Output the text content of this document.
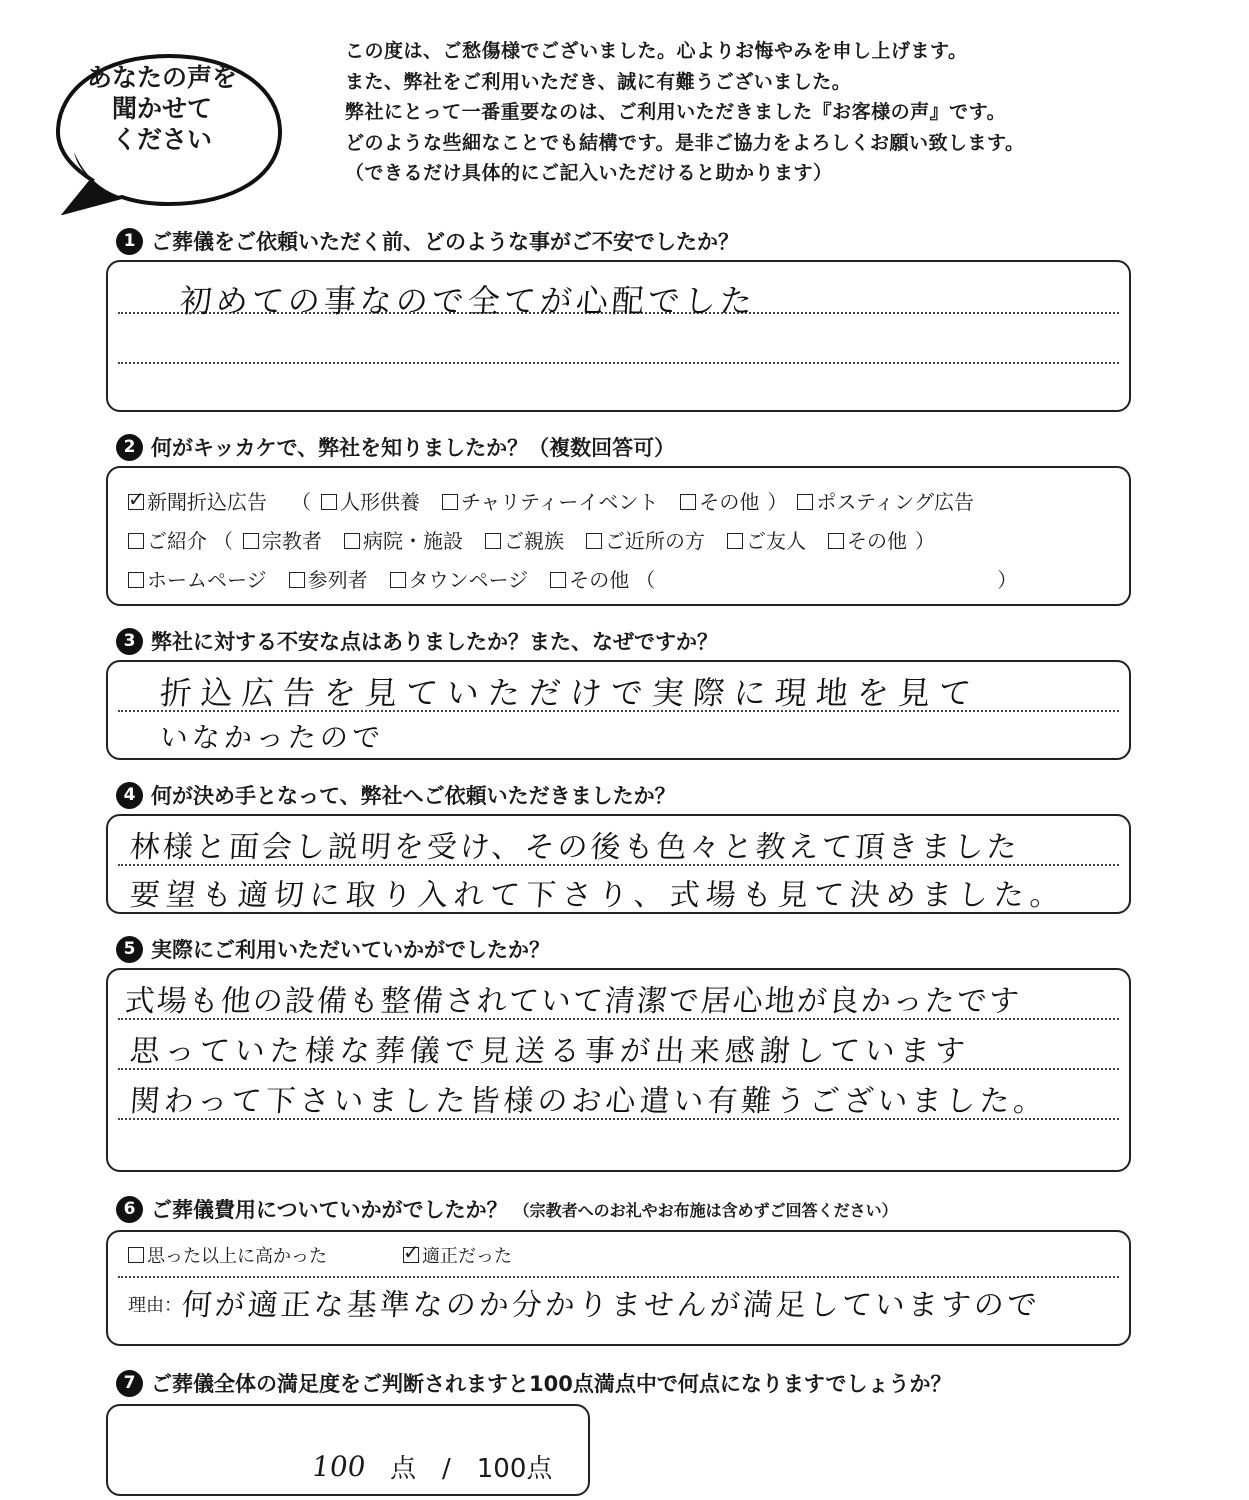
あなたの声を
聞かせて
ください

この度は、ご愁傷様でございました。心よりお悔やみを申し上げます。

また、弊社をご利用いただき、誠に有難うございました。

弊社にとって一番重要なのは、ご利用いただきました『お客様の声』です。

どのような些細なことでも結構です。是非ご協力をよろしくお願い致します。

（できるだけ具体的にご記入いただけると助かります）

1 ご葬儀をご依頼いただく前、どのような事がご不安でしたか？
初めての事なので全てが心配でした
2 何がキッカケで、弊社を知りましたか？（複数回答可）
✓新聞折込広告 （ 人形供養 チャリティーイベント その他 ） ポスティング広告
ご紹介 （ 宗教者 病院・施設 ご親族 ご近所の方 ご友人 その他 ）
ホームページ 参列者 タウンページ その他 （	）
3 弊社に対する不安な点はありましたか？また、なぜですか？
折込広告を見ていただけで実際に現地を見て
いなかったので
4 何が決め手となって、弊社へご依頼いただきましたか？
林様と面会し説明を受け、その後も色々と教えて頂きました
要望も適切に取り入れて下さり、式場も見て決めました。
5 実際にご利用いただいていかがでしたか？
式場も他の設備も整備されていて清潔で居心地が良かったです
思っていた様な葬儀で見送る事が出来感謝しています
関わって下さいました皆様のお心遣い有難うございました。
6 ご葬儀費用についていかがでしたか？ （宗教者へのお礼やお布施は含めずご回答ください）
思った以上に高かった✓	適正だった
理由：
何が適正な基準なのか分かりませんが満足していますので
7 ご葬儀全体の満足度をご判断されますと100点満点中で何点になりますでしょうか？
100 点　/　100点
